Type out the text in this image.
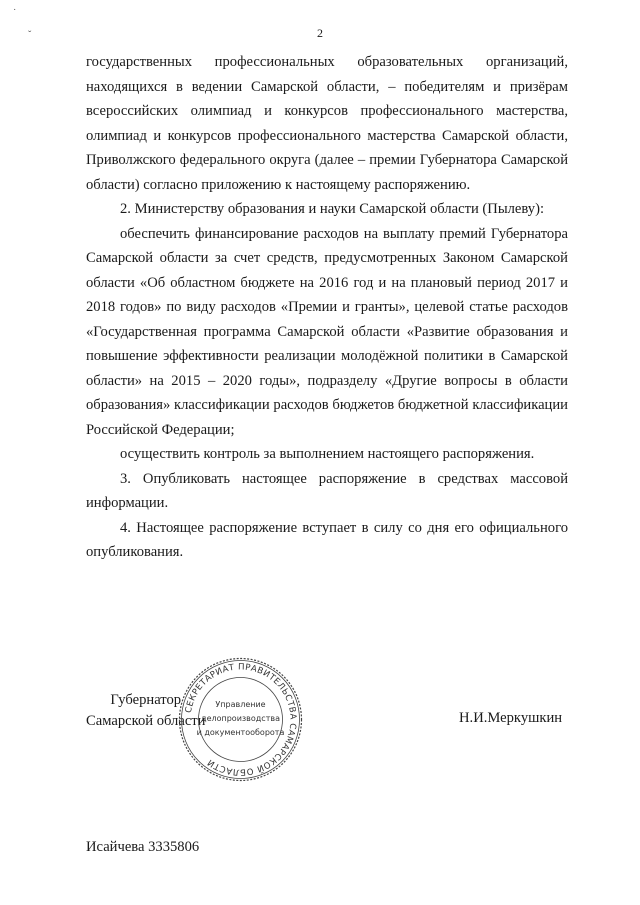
˙
ˇ	2

государственных профессиональных образовательных организаций, находящихся в ведении Самарской области, – победителям и призёрам всероссийских олимпиад и конкурсов профессионального мастерства, олимпиад и конкурсов профессионального мастерства Самарской области, Приволжского федерального округа (далее – премии Губернатора Самарской области) согласно приложению к настоящему распоряжению.

2. Министерству образования и науки Самарской области (Пылеву):

обеспечить финансирование расходов на выплату премий Губернатора Самарской области за счет средств, предусмотренных Законом Самарской области «Об областном бюджете на 2016 год и на плановый период 2017 и 2018 годов» по виду расходов «Премии и гранты», целевой статье расходов «Государственная программа Самарской области «Развитие образования и повышение эффективности реализации молодёжной политики в Самарской области» на 2015 – 2020 годы», подразделу «Другие вопросы в области образования» классификации расходов бюджетов бюджетной классификации Российской Федерации;

осуществить контроль за выполнением настоящего распоряжения.

3. Опубликовать настоящее распоряжение в средствах массовой информации.

4. Настоящее распоряжение вступает в силу со дня его официального опубликования.

Губернатор
Самарской области
СЕКРЕТАРИАТ ПРАВИТЕЛЬСТВА САМАРСКОЙ ОБЛАСТИ
Управление
делопроизводства
и документооборота
Н.И.Меркушкин
Исайчева 3335806
